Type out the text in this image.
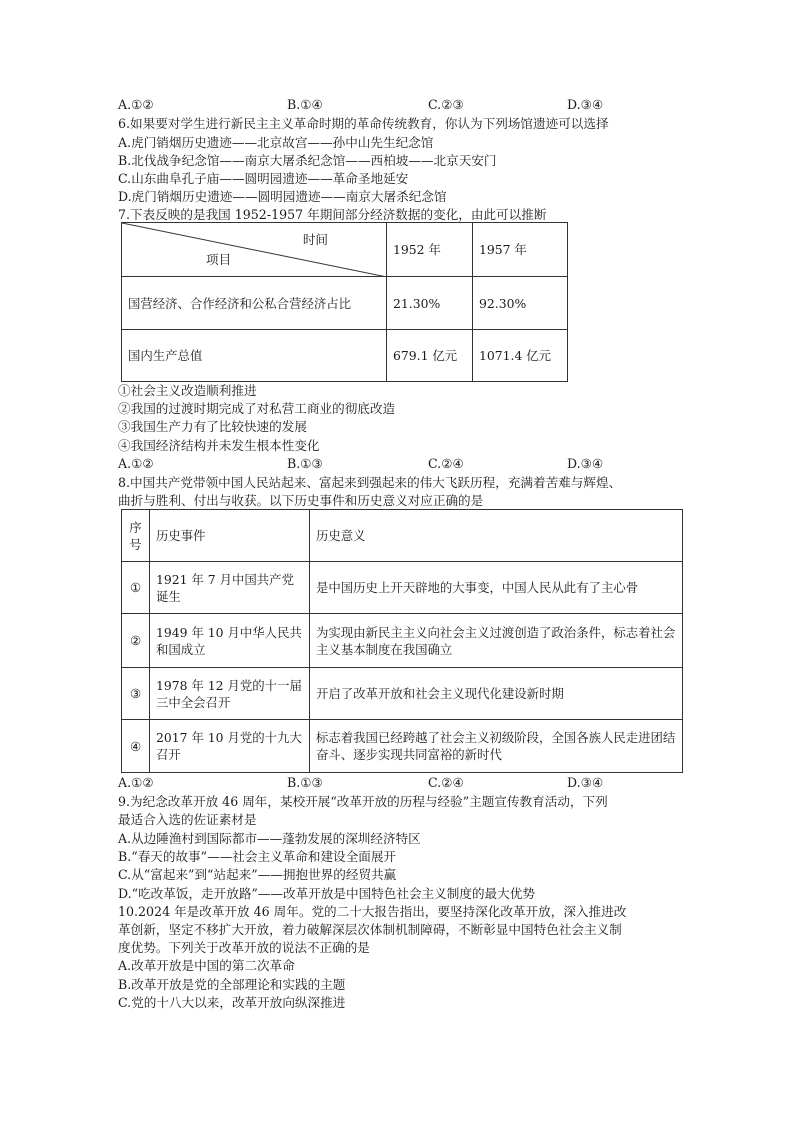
A.①②	B.①④	C.②③	D.③④
6.如果要对学生进行新民主主义革命时期的革命传统教育，你认为下列场馆遗迹可以选择
A.虎门销烟历史遗迹——北京故宫——孙中山先生纪念馆
B.北伐战争纪念馆——南京大屠杀纪念馆——西柏坡——北京天安门
C.山东曲阜孔子庙——圆明园遗迹——革命圣地延安
D.虎门销烟历史遗迹——圆明园遗迹——南京大屠杀纪念馆
7.下表反映的是我国 1952-1957 年期间部分经济数据的变化，由此可以推断
时间
项目	1952 年	1957 年
国营经济、合作经济和公私合营经济占比	21.30%	92.30%
国内生产总值	679.1 亿元	1071.4 亿元
①社会主义改造顺利推进
②我国的过渡时期完成了对私营工商业的彻底改造
③我国生产力有了比较快速的发展
④我国经济结构并未发生根本性变化
A.①②	B.①③	C.②④	D.③④
8.中国共产党带领中国人民站起来、富起来到强起来的伟大飞跃历程，充满着苦难与辉煌、
曲折与胜利、付出与收获。以下历史事件和历史意义对应正确的是
序号	历史事件	历史意义
①	1921 年 7 月中国共产党诞生	是中国历史上开天辟地的大事变，中国人民从此有了主心骨
②	1949 年 10 月中华人民共和国成立	为实现由新民主主义向社会主义过渡创造了政治条件，标志着社会主义基本制度在我国确立
③	1978 年 12 月党的十一届三中全会召开	开启了改革开放和社会主义现代化建设新时期
④	2017 年 10 月党的十九大召开	标志着我国已经跨越了社会主义初级阶段，全国各族人民走进团结奋斗、逐步实现共同富裕的新时代
A.①②	B.①③	C.②④	D.③④
9.为纪念改革开放 46 周年，某校开展“改革开放的历程与经验”主题宣传教育活动，下列
最适合入选的佐证素材是
A.从边陲渔村到国际都市——蓬勃发展的深圳经济特区
B.“春天的故事”——社会主义革命和建设全面展开
C.从“富起来”到“站起来”——拥抱世界的经贸共赢
D.“吃改革饭，走开放路”——改革开放是中国特色社会主义制度的最大优势
10.2024 年是改革开放 46 周年。党的二十大报告指出，要坚持深化改革开放，深入推进改
革创新，坚定不移扩大开放，着力破解深层次体制机制障碍，不断彰显中国特色社会主义制
度优势。下列关于改革开放的说法不正确的是
A.改革开放是中国的第二次革命
B.改革开放是党的全部理论和实践的主题
C.党的十八大以来，改革开放向纵深推进
